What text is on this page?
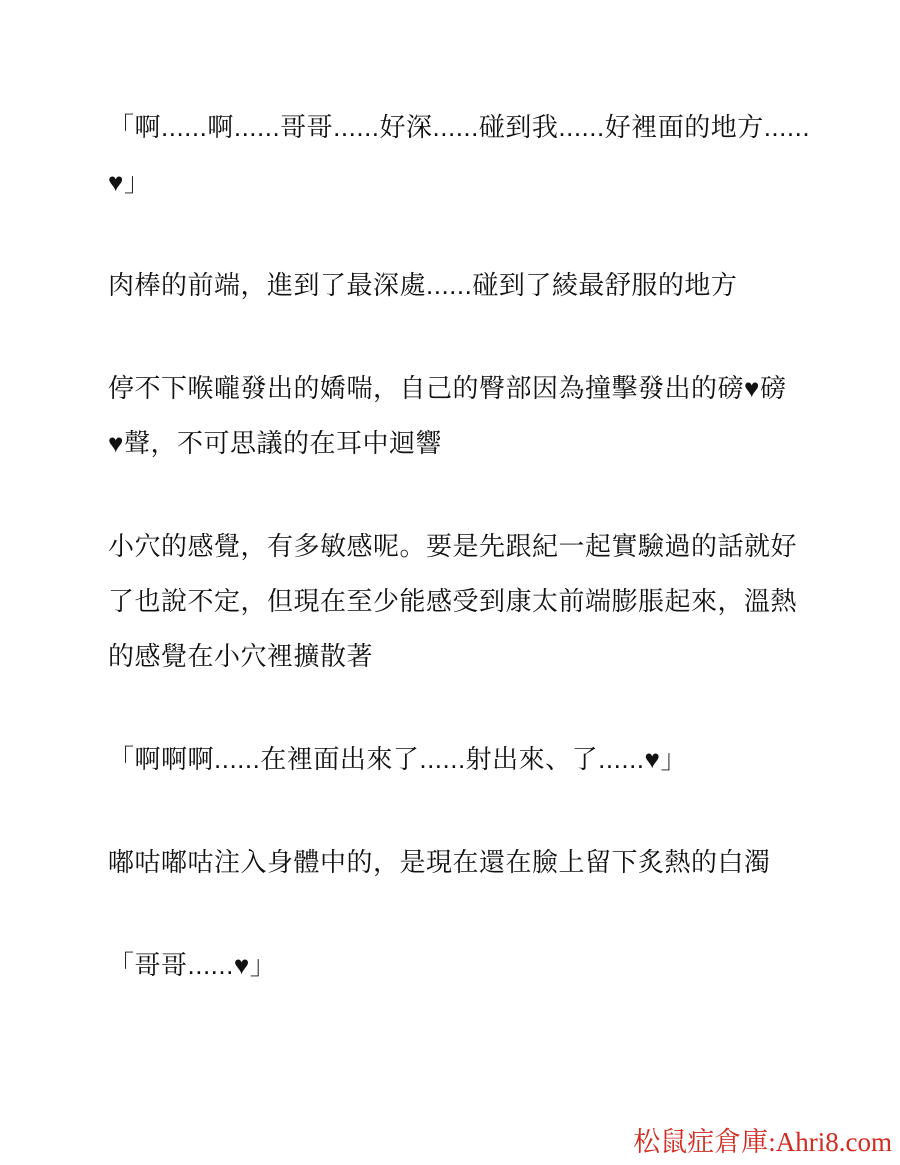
「啊......啊......哥哥......好深......碰到我......好裡面的地方......
♥」
肉棒的前端，進到了最深處......碰到了綾最舒服的地方
停不下喉嚨發出的嬌喘，自己的臀部因為撞擊發出的磅♥磅
♥聲，不可思議的在耳中迴響
小穴的感覺，有多敏感呢。要是先跟紀一起實驗過的話就好
了也說不定，但現在至少能感受到康太前端膨脹起來，溫熱
的感覺在小穴裡擴散著
「啊啊啊......在裡面出來了......射出來、了......♥」
嘟咕嘟咕注入身體中的，是現在還在臉上留下炙熱的白濁
「哥哥......♥」
松鼠症倉庫:Ahri8.com
